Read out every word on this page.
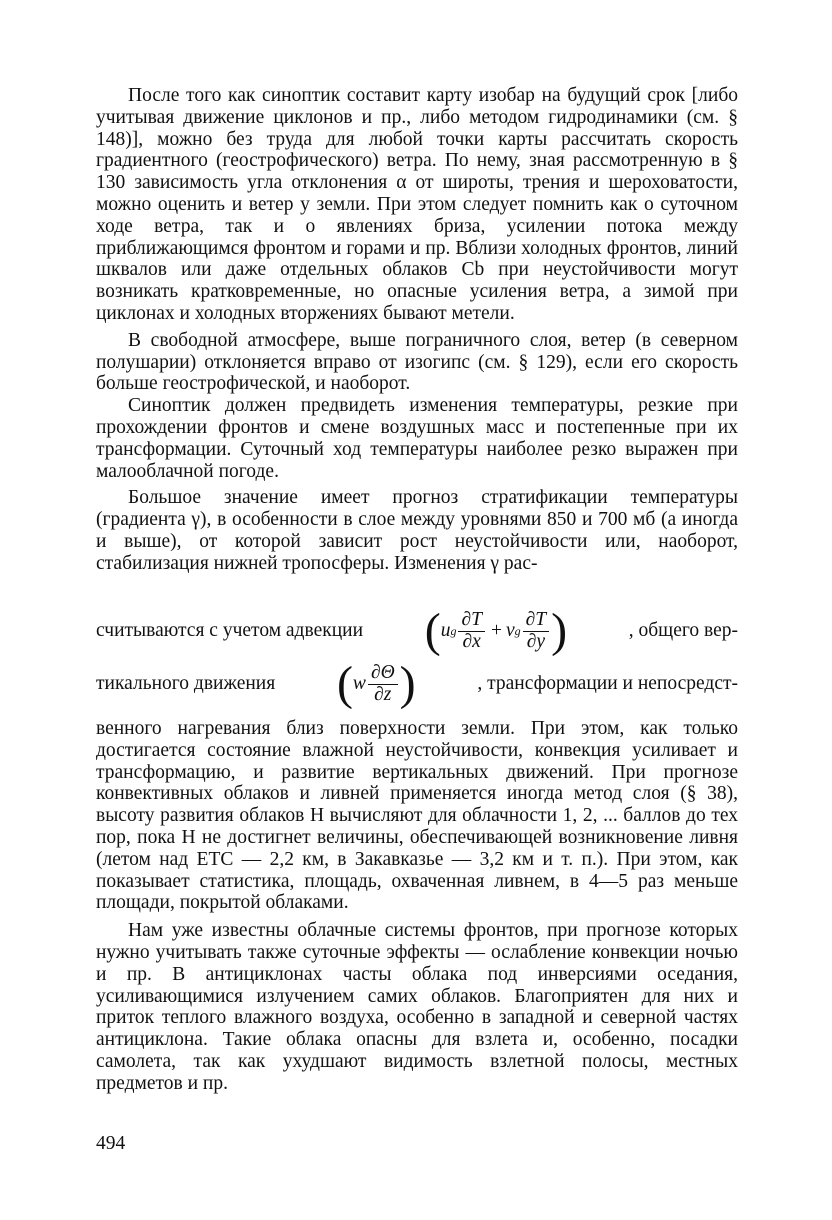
После того как синоптик составит карту изобар на будущий срок [либо учитывая движение циклонов и пр., либо методом гидродинамики (см. § 148)], можно без труда для любой точки карты рассчитать скорость градиентного (геострофического) ветра. По нему, зная рассмотренную в § 130 зависимость угла отклонения α от широты, трения и шероховатости, можно оценить и ветер у земли. При этом следует помнить как о суточном ходе ветра, так и о явлениях бриза, усилении потока между приближающимся фронтом и горами и пр. Вблизи холодных фронтов, линий шквалов или даже отдельных облаков Cb при неустойчивости могут возникать кратковременные, но опасные усиления ветра, а зимой при циклонах и холодных вторжениях бывают метели.

В свободной атмосфере, выше пограничного слоя, ветер (в северном полушарии) отклоняется вправо от изогипс (см. § 129), если его скорость больше геострофической, и наоборот.

Синоптик должен предвидеть изменения температуры, резкие при прохождении фронтов и смене воздушных масс и постепенные при их трансформации. Суточный ход температуры наиболее резко выражен при малооблачной погоде.

Большое значение имеет прогноз стратификации температуры (градиента γ), в особенности в слое между уровнями 850 и 700 мб (а иногда и выше), от которой зависит рост неустойчивости или, наоборот, стабилизация нижней тропосферы. Изменения γ рас-

считываются с учетом адвекции ( u g $\frac{\partial T}{\partial x} + v$ g $\frac{\partial T}{\partial y}$ )	, общего вер-
тикального движения ( w $\frac{\partial\Theta}{\partial z}$ )	, трансформации и непосредст-

венного нагревания близ поверхности земли. При этом, как только достигается состояние влажной неустойчивости, конвекция усиливает и трансформацию, и развитие вертикальных движений. При прогнозе конвективных облаков и ливней применяется иногда метод слоя (§ 38), высоту развития облаков H вычисляют для облачности 1, 2, ... баллов до тех пор, пока H не достигнет величины, обеспечивающей возникновение ливня (летом над ЕТС — 2,2 км, в Закавказье — 3,2 км и т. п.). При этом, как показывает статистика, площадь, охваченная ливнем, в 4—5 раз меньше площади, покрытой облаками.

Нам уже известны облачные системы фронтов, при прогнозе которых нужно учитывать также суточные эффекты — ослабление конвекции ночью и пр. В антициклонах часты облака под инверсиями оседания, усиливающимися излучением самих облаков. Благоприятен для них и приток теплого влажного воздуха, особенно в западной и северной частях антициклона. Такие облака опасны для взлета и, особенно, посадки самолета, так как ухудшают видимость взлетной полосы, местных предметов и пр.

494
